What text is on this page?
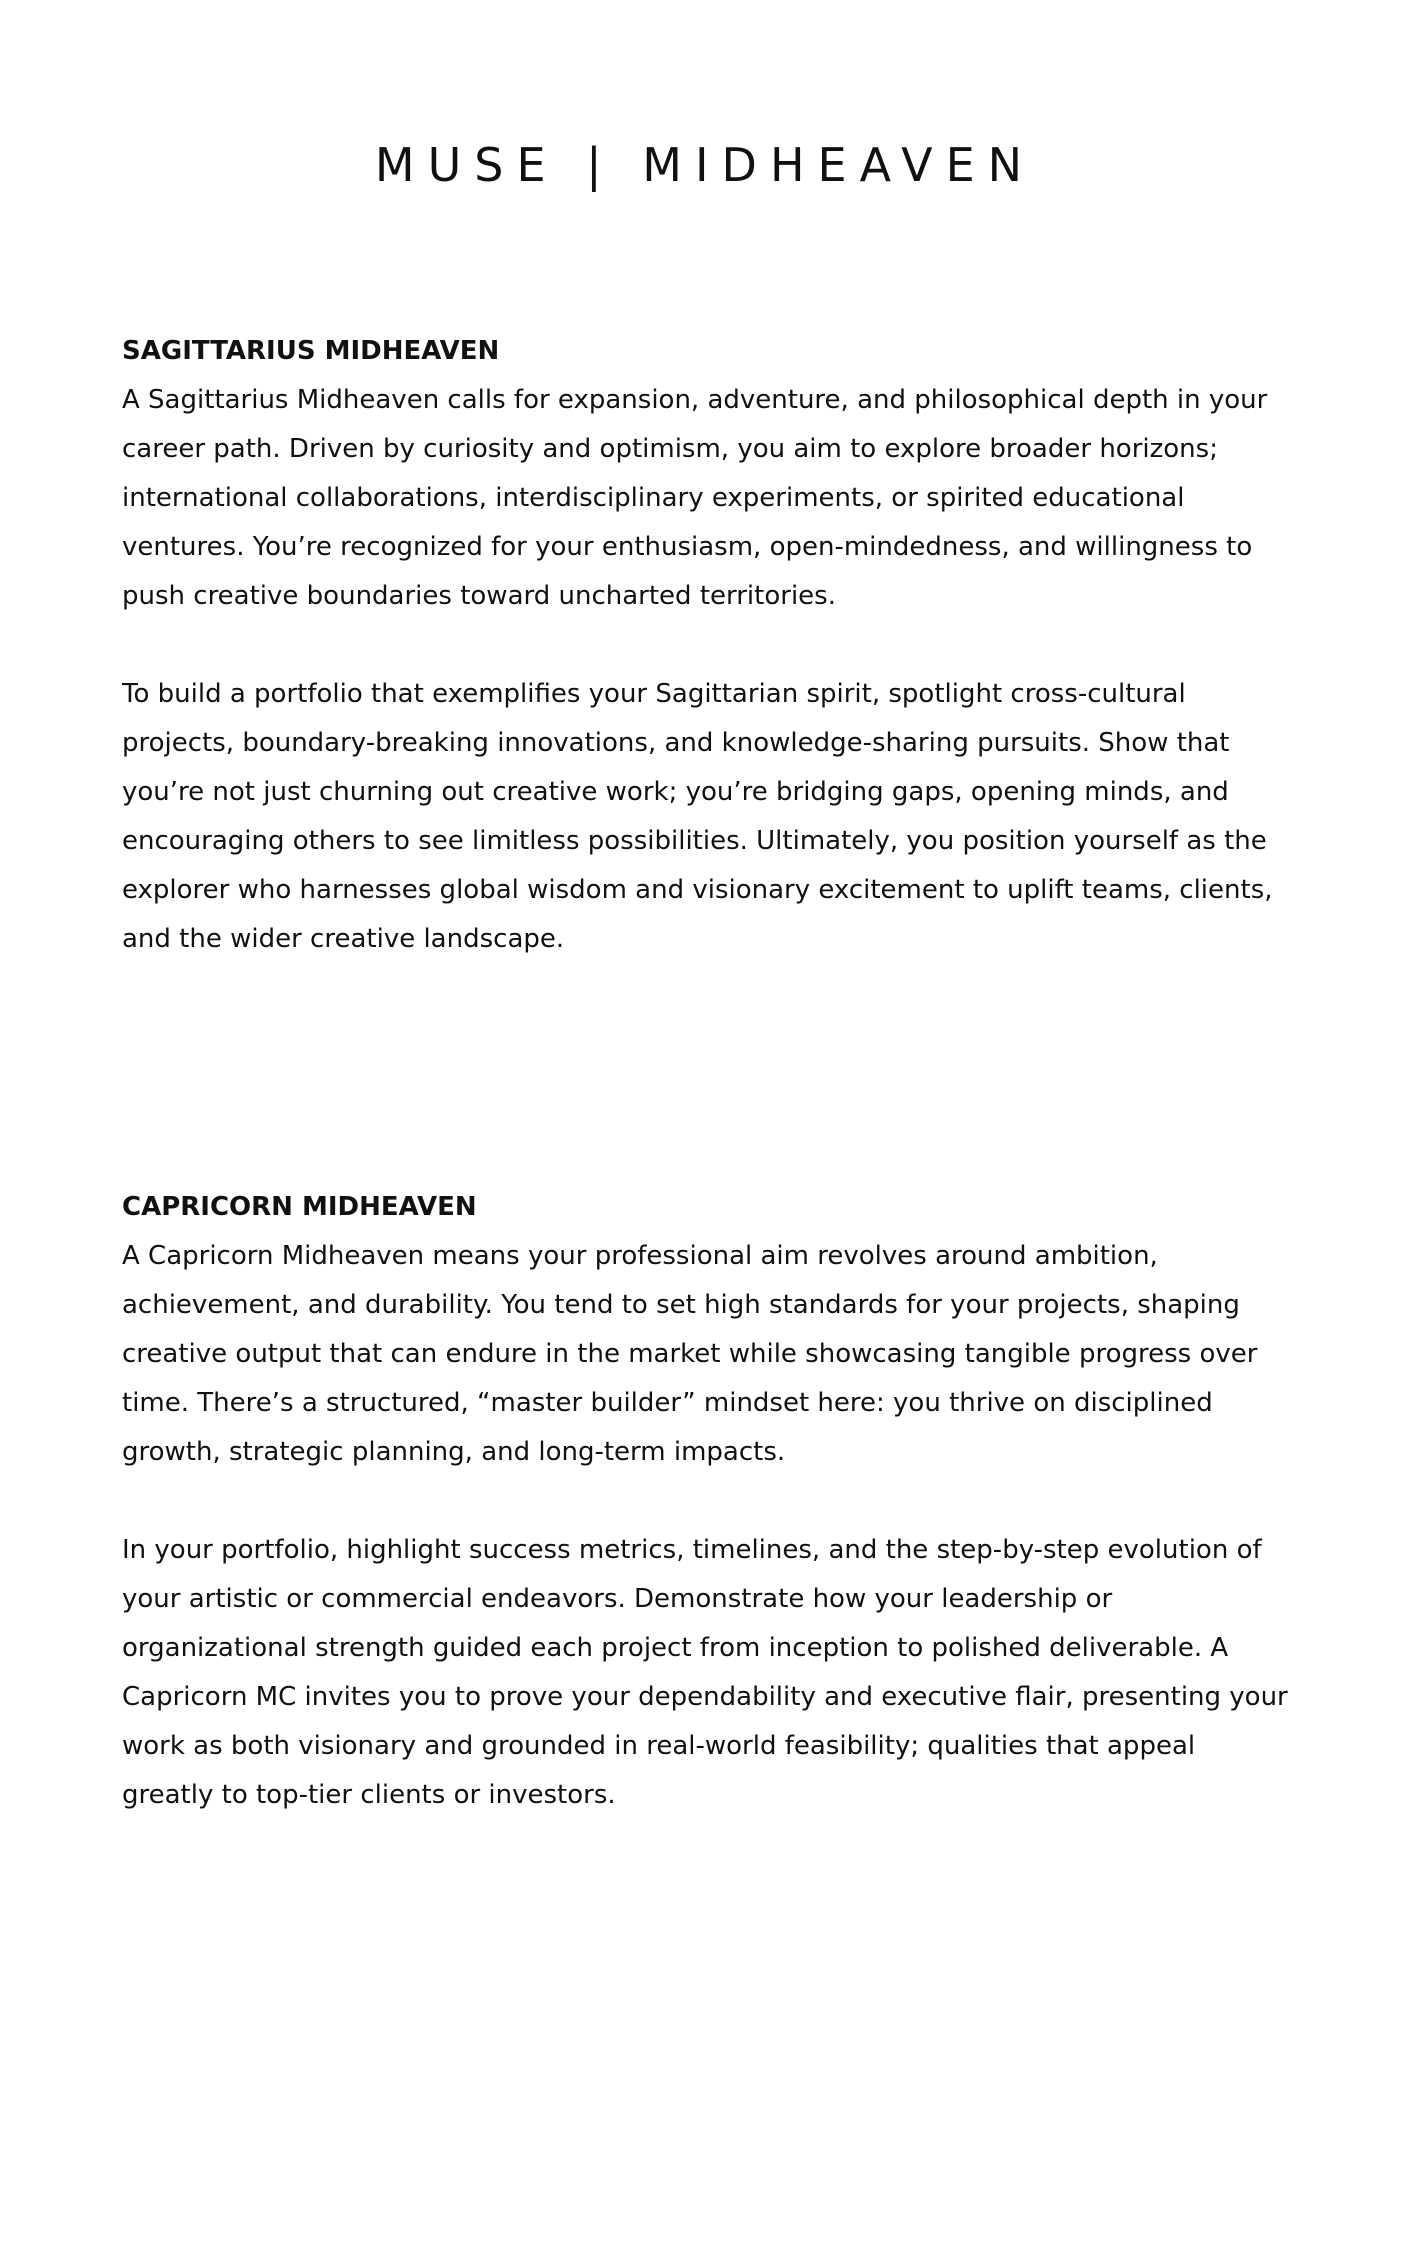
MUSE | MIDHEAVEN
SAGITTARIUS MIDHEAVEN

A Sagittarius Midheaven calls for expansion, adventure, and philosophical depth in your career path. Driven by curiosity and optimism, you aim to explore broader horizons; international collaborations, interdisciplinary experiments, or spirited educational ventures. You’re recognized for your enthusiasm, open-mindedness, and willingness to push creative boundaries toward uncharted territories.

To build a portfolio that exemplifies your Sagittarian spirit, spotlight cross-cultural projects, boundary-breaking innovations, and knowledge-sharing pursuits. Show that you’re not just churning out creative work; you’re bridging gaps, opening minds, and encouraging others to see limitless possibilities. Ultimately, you position yourself as the explorer who harnesses global wisdom and visionary excitement to uplift teams, clients, and the wider creative landscape.

CAPRICORN MIDHEAVEN

A Capricorn Midheaven means your professional aim revolves around ambition, achievement, and durability. You tend to set high standards for your projects, shaping creative output that can endure in the market while showcasing tangible progress over time. There’s a structured, “master builder” mindset here: you thrive on disciplined growth, strategic planning, and long-term impacts.

In your portfolio, highlight success metrics, timelines, and the step-by-step evolution of your artistic or commercial endeavors. Demonstrate how your leadership or organizational strength guided each project from inception to polished deliverable. A Capricorn MC invites you to prove your dependability and executive flair, presenting your work as both visionary and grounded in real-world feasibility; qualities that appeal greatly to top-tier clients or investors.
